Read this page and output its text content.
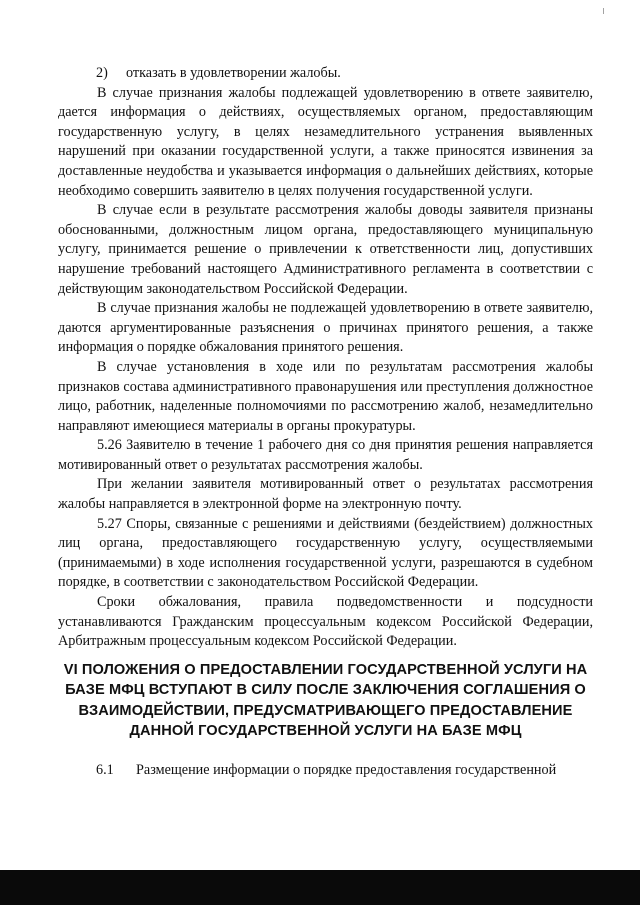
2) отказать в удовлетворении жалобы.

В случае признания жалобы подлежащей удовлетворению в ответе заявителю, дается информация о действиях, осуществляемых органом, предоставляющим государственную услугу, в целях незамедлительного устранения выявленных нарушений при оказании государственной услуги, а также приносятся извинения за доставленные неудобства и указывается информация о дальнейших действиях, которые необходимо совершить заявителю в целях получения государственной услуги.

В случае если в результате рассмотрения жалобы доводы заявителя признаны обоснованными, должностным лицом органа, предоставляющего муниципальную услугу, принимается решение о привлечении к ответственности лиц, допустивших нарушение требований настоящего Административного регламента в соответствии с действующим законодательством Российской Федерации.

В случае признания жалобы не подлежащей удовлетворению в ответе заявителю, даются аргументированные разъяснения о причинах принятого решения, а также информация о порядке обжалования принятого решения.

В случае установления в ходе или по результатам рассмотрения жалобы признаков состава административного правонарушения или преступления должностное лицо, работник, наделенные полномочиями по рассмотрению жалоб, незамедлительно направляют имеющиеся материалы в органы прокуратуры.

5.26 Заявителю в течение 1 рабочего дня со дня принятия решения направляется мотивированный ответ о результатах рассмотрения жалобы.

При желании заявителя мотивированный ответ о результатах рассмотрения жалобы направляется в электронной форме на электронную почту.

5.27 Споры, связанные с решениями и действиями (бездействием) должностных лиц органа, предоставляющего государственную услугу, осуществляемыми (принимаемыми) в ходе исполнения государственной услуги, разрешаются в судебном порядке, в соответствии с законодательством Российской Федерации.

Сроки обжалования, правила подведомственности и подсудности устанавливаются Гражданским процессуальным кодексом Российской Федерации, Арбитражным процессуальным кодексом Российской Федерации.

VI ПОЛОЖЕНИЯ О ПРЕДОСТАВЛЕНИИ ГОСУДАРСТВЕННОЙ УСЛУГИ НА БАЗЕ МФЦ ВСТУПАЮТ В СИЛУ ПОСЛЕ ЗАКЛЮЧЕНИЯ СОГЛАШЕНИЯ О ВЗАИМОДЕЙСТВИИ, ПРЕДУСМАТРИВАЮЩЕГО ПРЕДОСТАВЛЕНИЕ ДАННОЙ ГОСУДАРСТВЕННОЙ УСЛУГИ НА БАЗЕ МФЦ

6.1 Размещение информации о порядке предоставления государственной
